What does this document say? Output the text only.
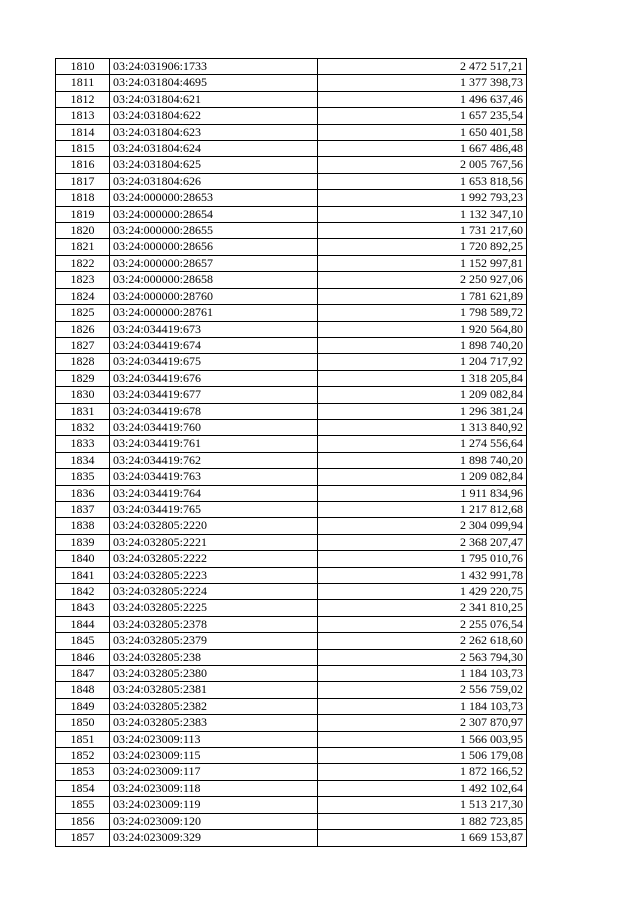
1810	03:24:031906:1733	2 472 517,21
1811	03:24:031804:4695	1 377 398,73
1812	03:24:031804:621	1 496 637,46
1813	03:24:031804:622	1 657 235,54
1814	03:24:031804:623	1 650 401,58
1815	03:24:031804:624	1 667 486,48
1816	03:24:031804:625	2 005 767,56
1817	03:24:031804:626	1 653 818,56
1818	03:24:000000:28653	1 992 793,23
1819	03:24:000000:28654	1 132 347,10
1820	03:24:000000:28655	1 731 217,60
1821	03:24:000000:28656	1 720 892,25
1822	03:24:000000:28657	1 152 997,81
1823	03:24:000000:28658	2 250 927,06
1824	03:24:000000:28760	1 781 621,89
1825	03:24:000000:28761	1 798 589,72
1826	03:24:034419:673	1 920 564,80
1827	03:24:034419:674	1 898 740,20
1828	03:24:034419:675	1 204 717,92
1829	03:24:034419:676	1 318 205,84
1830	03:24:034419:677	1 209 082,84
1831	03:24:034419:678	1 296 381,24
1832	03:24:034419:760	1 313 840,92
1833	03:24:034419:761	1 274 556,64
1834	03:24:034419:762	1 898 740,20
1835	03:24:034419:763	1 209 082,84
1836	03:24:034419:764	1 911 834,96
1837	03:24:034419:765	1 217 812,68
1838	03:24:032805:2220	2 304 099,94
1839	03:24:032805:2221	2 368 207,47
1840	03:24:032805:2222	1 795 010,76
1841	03:24:032805:2223	1 432 991,78
1842	03:24:032805:2224	1 429 220,75
1843	03:24:032805:2225	2 341 810,25
1844	03:24:032805:2378	2 255 076,54
1845	03:24:032805:2379	2 262 618,60
1846	03:24:032805:238	2 563 794,30
1847	03:24:032805:2380	1 184 103,73
1848	03:24:032805:2381	2 556 759,02
1849	03:24:032805:2382	1 184 103,73
1850	03:24:032805:2383	2 307 870,97
1851	03:24:023009:113	1 566 003,95
1852	03:24:023009:115	1 506 179,08
1853	03:24:023009:117	1 872 166,52
1854	03:24:023009:118	1 492 102,64
1855	03:24:023009:119	1 513 217,30
1856	03:24:023009:120	1 882 723,85
1857	03:24:023009:329	1 669 153,87
